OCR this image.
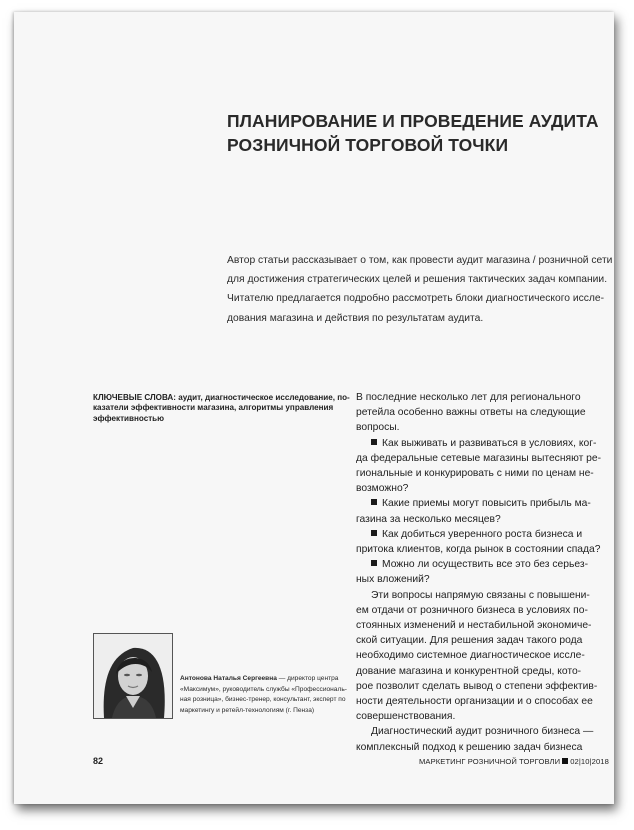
ПЛАНИРОВАНИЕ И ПРОВЕДЕНИЕ АУДИТА
РОЗНИЧНОЙ ТОРГОВОЙ ТОЧКИ
Автор статьи рассказывает о том, как провести аудит магазина / розничной сети
для достижения стратегических целей и решения тактических задач компании.
Читателю предлагается подробно рассмотреть блоки диагностического иссле-
дования магазина и действия по результатам аудита.
КЛЮЧЕВЫЕ СЛОВА: аудит, диагностическое исследование, по-
казатели эффективности магазина, алгоритмы управления
эффективностью
В последние несколько лет для регионального
ретейла особенно важны ответы на следующие
вопросы.
Как выживать и развиваться в условиях, ког-
да федеральные сетевые магазины вытесняют ре-
гиональные и конкурировать с ними по ценам не-
возможно?
Какие приемы могут повысить прибыль ма-
газина за несколько месяцев?
Как добиться уверенного роста бизнеса и
притока клиентов, когда рынок в состоянии спада?
Можно ли осуществить все это без серьез-
ных вложений?
Эти вопросы напрямую связаны с повышени-
ем отдачи от розничного бизнеса в условиях по-
стоянных изменений и нестабильной экономиче-
ской ситуации. Для решения задач такого рода
необходимо системное диагностическое иссле-
дование магазина и конкурентной среды, кото-
рое позволит сделать вывод о степени эффектив-
ности деятельности организации и о способах ее
совершенствования.
Диагностический аудит розничного бизнеса —
комплексный подход к решению задач бизнеса
Антонова Наталья Сергеевна — директор центра
«Максимум», руководитель службы «Профессиональ-
ная розница», бизнес-тренер, консультант, эксперт по
маркетингу и ретейл-технологиям (г. Пенза)
82	МАРКЕТИНГ РОЗНИЧНОЙ ТОРГОВЛИ 02|10|2018
